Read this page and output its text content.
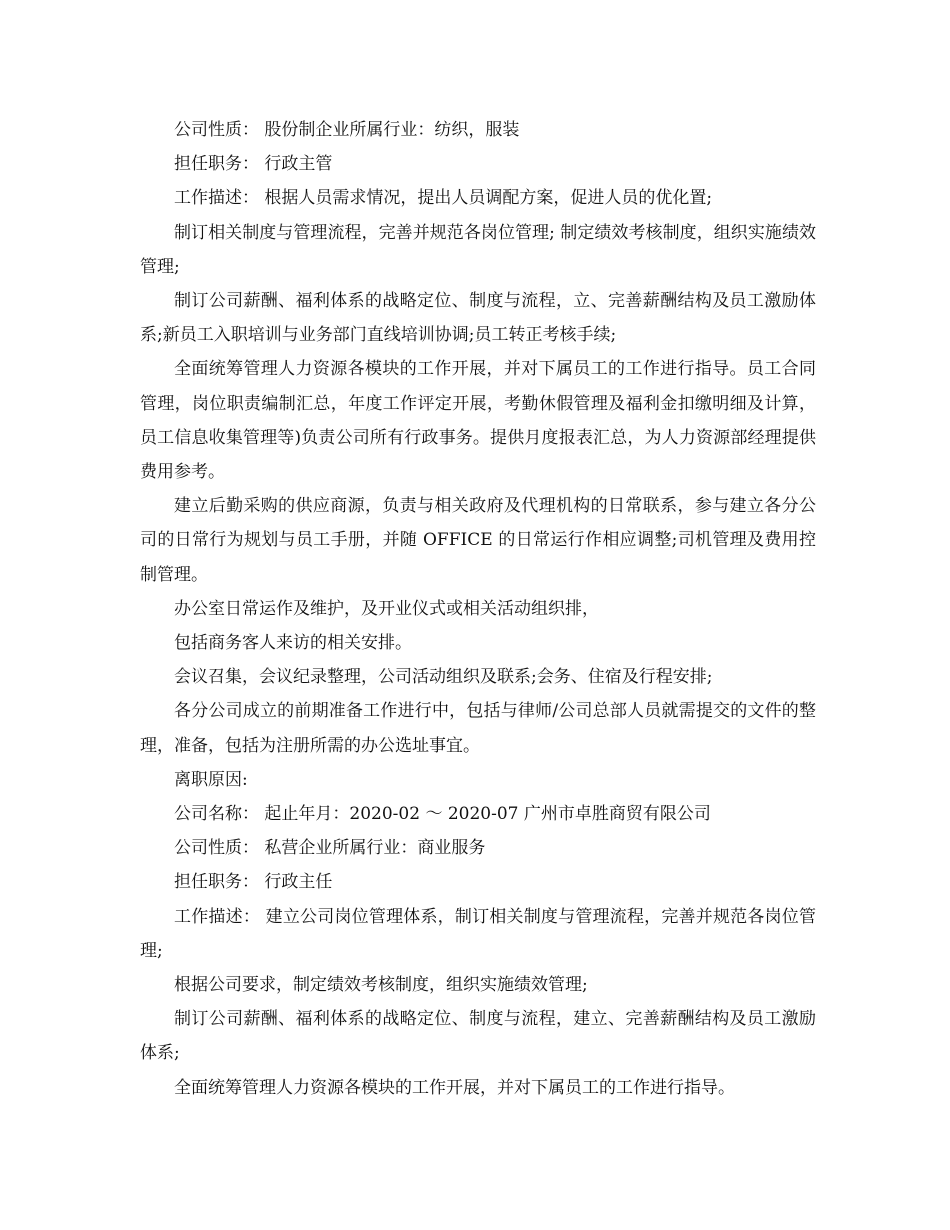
公司性质： 股份制企业所属行业：纺织，服装

担任职务： 行政主管

工作描述： 根据人员需求情况，提出人员调配方案，促进人员的优化置;

制订相关制度与管理流程，完善并规范各岗位管理; 制定绩效考核制度，组织实施绩效管理;

制订公司薪酬、福利体系的战略定位、制度与流程，立、完善薪酬结构及员工激励体系;新员工入职培训与业务部门直线培训协调;员工转正考核手续;

全面统筹管理人力资源各模块的工作开展，并对下属员工的工作进行指导。员工合同管理，岗位职责编制汇总，年度工作评定开展，考勤休假管理及福利金扣缴明细及计算，员工信息收集管理等)负责公司所有行政事务。提供月度报表汇总，为人力资源部经理提供费用参考。

建立后勤采购的供应商源，负责与相关政府及代理机构的日常联系，参与建立各分公司的日常行为规划与员工手册，并随 OFFICE 的日常运行作相应调整;司机管理及费用控制管理。

办公室日常运作及维护，及开业仪式或相关活动组织排，

包括商务客人来访的相关安排。

会议召集，会议纪录整理，公司活动组织及联系;会务、住宿及行程安排;

各分公司成立的前期准备工作进行中，包括与律师/公司总部人员就需提交的文件的整理，准备，包括为注册所需的办公选址事宜。

离职原因:

公司名称： 起止年月：2020-02 ～ 2020-07 广州市卓胜商贸有限公司

公司性质： 私营企业所属行业：商业服务

担任职务： 行政主任

工作描述： 建立公司岗位管理体系，制订相关制度与管理流程，完善并规范各岗位管理;

根据公司要求，制定绩效考核制度，组织实施绩效管理;

制订公司薪酬、福利体系的战略定位、制度与流程，建立、完善薪酬结构及员工激励体系;

全面统筹管理人力资源各模块的工作开展，并对下属员工的工作进行指导。
